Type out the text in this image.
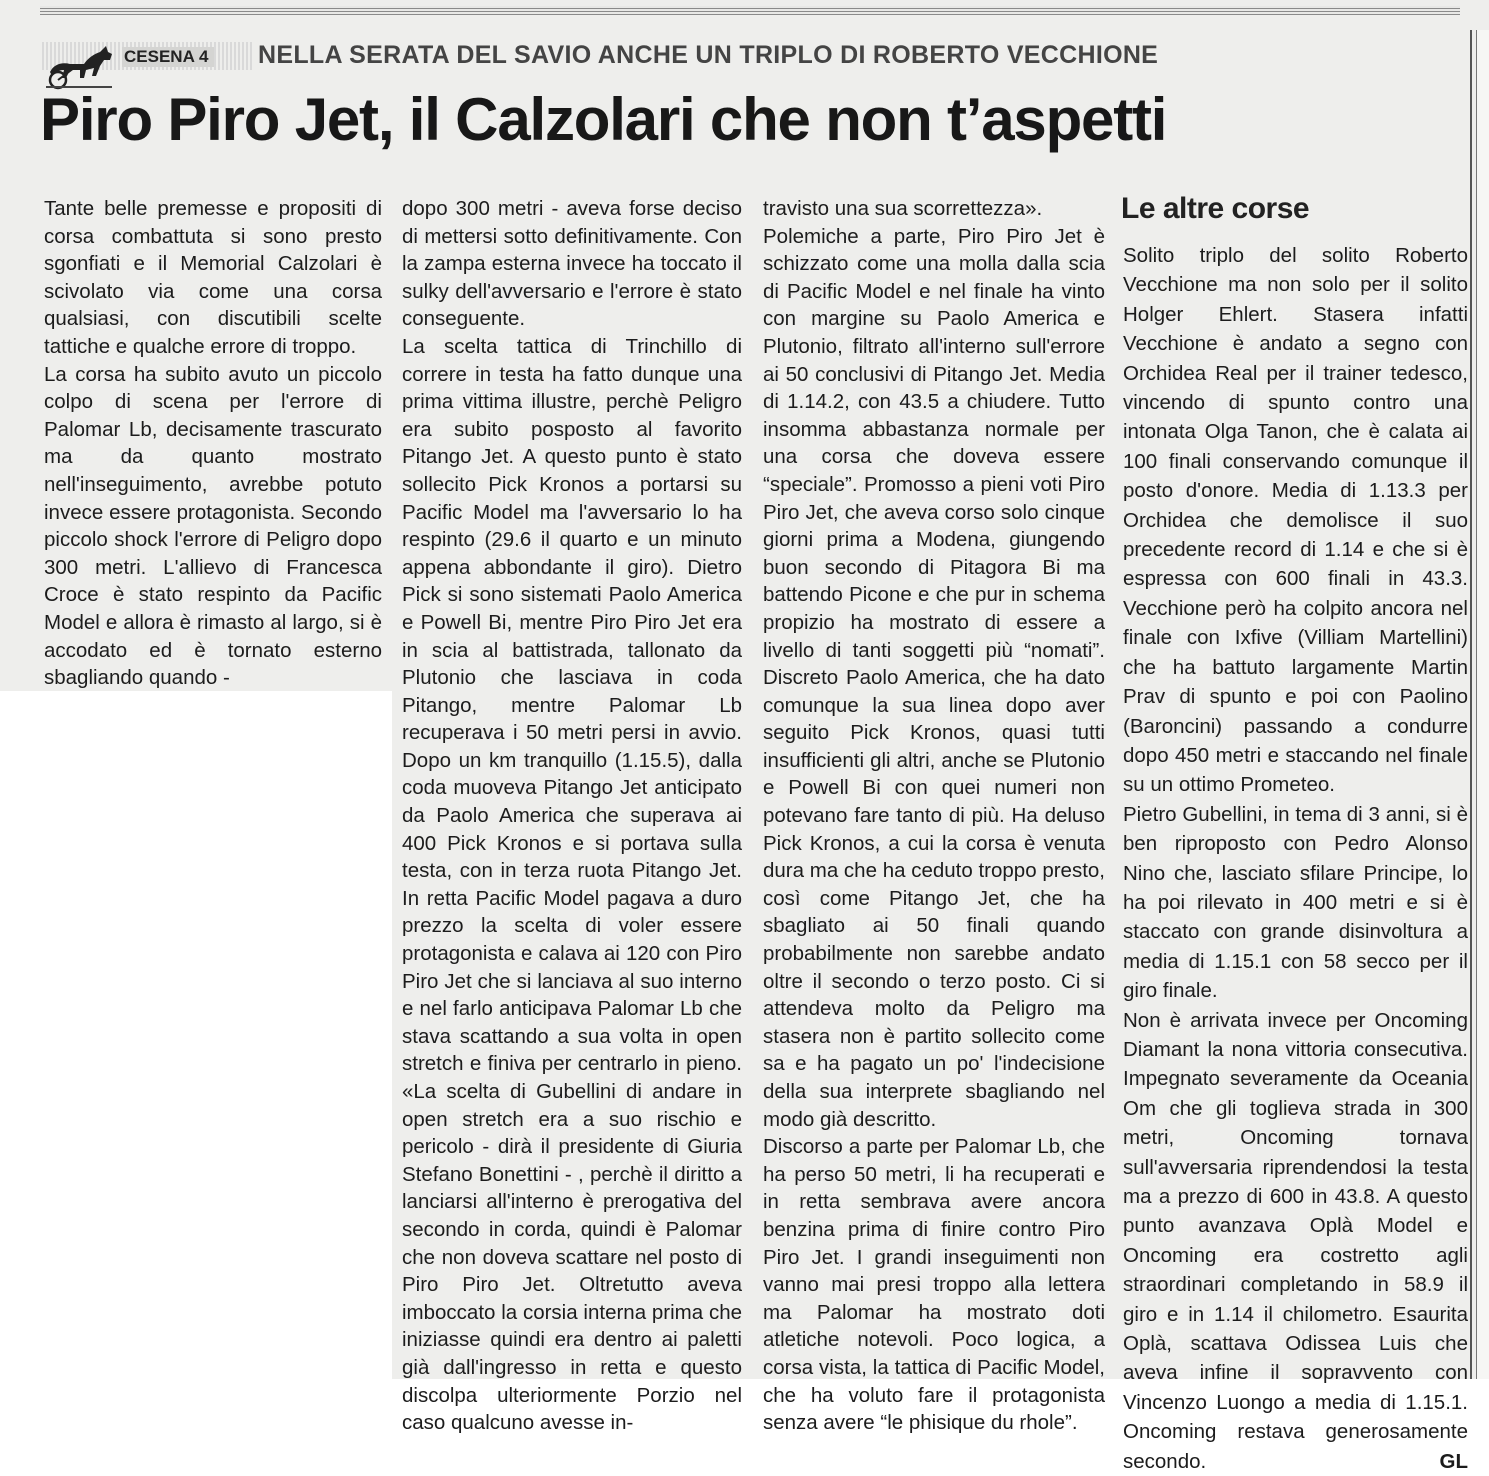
CESENA 4 NELLA SERATA DEL SAVIO ANCHE UN TRIPLO DI ROBERTO VECCHIONE
Piro Piro Jet, il Calzolari che non t’aspetti

Tante belle premesse e propositi di corsa combattuta si sono presto sgonfiati e il Memorial Calzolari è scivolato via come una corsa qualsiasi, con discutibili scelte tattiche e qualche errore di troppo.

La corsa ha subito avuto un piccolo colpo di scena per l'errore di Palomar Lb, decisamente trascurato ma da quanto mostrato nell'inseguimento, avrebbe potuto invece essere protagonista. Secondo piccolo shock l'errore di Peligro dopo 300 metri. L'allievo di Francesca Croce è stato respinto da Pacific Model e allora è rimasto al largo, si è accodato ed è tornato esterno sbagliando quando -

dopo 300 metri - aveva forse deciso di mettersi sotto definitivamente. Con la zampa esterna invece ha toccato il sulky dell'avversario e l'errore è stato conseguente.

La scelta tattica di Trinchillo di correre in testa ha fatto dunque una prima vittima illustre, perchè Peligro era subito posposto al favorito Pitango Jet. A questo punto è stato sollecito Pick Kronos a portarsi su Pacific Model ma l'avversario lo ha respinto (29.6 il quarto e un minuto appena abbondante il giro). Dietro Pick si sono sistemati Paolo America e Powell Bi, mentre Piro Piro Jet era in scia al battistrada, tallonato da Plutonio che lasciava in coda Pitango, mentre Palomar Lb recuperava i 50 metri persi in avvio. Dopo un km tranquillo (1.15.5), dalla coda muoveva Pitango Jet anticipato da Paolo America che superava ai 400 Pick Kronos e si portava sulla testa, con in terza ruota Pitango Jet. In retta Pacific Model pagava a duro prezzo la scelta di voler essere protagonista e calava ai 120 con Piro Piro Jet che si lanciava al suo interno e nel farlo anticipava Palomar Lb che stava scattando a sua volta in open stretch e finiva per centrarlo in pieno. «La scelta di Gubellini di andare in open stretch era a suo rischio e pericolo - dirà il presidente di Giuria Stefano Bonettini - , perchè il diritto a lanciarsi all'interno è prerogativa del secondo in corda, quindi è Palomar che non doveva scattare nel posto di Piro Piro Jet. Oltretutto aveva imboccato la corsia interna prima che iniziasse quindi era dentro ai paletti già dall'ingresso in retta e questo discolpa ulteriormente Porzio nel caso qualcuno avesse in-

travisto una sua scorrettezza».

Polemiche a parte, Piro Piro Jet è schizzato come una molla dalla scia di Pacific Model e nel finale ha vinto con margine su Paolo America e Plutonio, filtrato all'interno sull'errore ai 50 conclusivi di Pitango Jet. Media di 1.14.2, con 43.5 a chiudere. Tutto insomma abbastanza normale per una corsa che doveva essere “speciale”. Promosso a pieni voti Piro Piro Jet, che aveva corso solo cinque giorni prima a Modena, giungendo buon secondo di Pitagora Bi ma battendo Picone e che pur in schema propizio ha mostrato di essere a livello di tanti soggetti più “nomati”. Discreto Paolo America, che ha dato comunque la sua linea dopo aver seguito Pick Kronos, quasi tutti insufficienti gli altri, anche se Plutonio e Powell Bi con quei numeri non potevano fare tanto di più. Ha deluso Pick Kronos, a cui la corsa è venuta dura ma che ha ceduto troppo presto, così come Pitango Jet, che ha sbagliato ai 50 finali quando probabilmente non sarebbe andato oltre il secondo o terzo posto. Ci si attendeva molto da Peligro ma stasera non è partito sollecito come sa e ha pagato un po' l'indecisione della sua interprete sbagliando nel modo già descritto.

Discorso a parte per Palomar Lb, che ha perso 50 metri, li ha recuperati e in retta sembrava avere ancora benzina prima di finire contro Piro Piro Jet. I grandi inseguimenti non vanno mai presi troppo alla lettera ma Palomar ha mostrato doti atletiche notevoli. Poco logica, a corsa vista, la tattica di Pacific Model, che ha voluto fare il protagonista senza avere “le phisique du rhole”.

Le altre corse

Solito triplo del solito Roberto Vecchione ma non solo per il solito Holger Ehlert. Stasera infatti Vecchione è andato a segno con Orchidea Real per il trainer tedesco, vincendo di spunto contro una intonata Olga Tanon, che è calata ai 100 finali conservando comunque il posto d'onore. Media di 1.13.3 per Orchidea che demolisce il suo precedente record di 1.14 e che si è espressa con 600 finali in 43.3. Vecchione però ha colpito ancora nel finale con Ixfive (Villiam Martellini) che ha battuto largamente Martin Prav di spunto e poi con Paolino (Baroncini) passando a condurre dopo 450 metri e staccando nel finale su un ottimo Prometeo.

Pietro Gubellini, in tema di 3 anni, si è ben riproposto con Pedro Alonso Nino che, lasciato sfilare Principe, lo ha poi rilevato in 400 metri e si è staccato con grande disinvoltura a media di 1.15.1 con 58 secco per il giro finale.

Non è arrivata invece per Oncoming Diamant la nona vittoria consecutiva. Impegnato severamente da Oceania Om che gli toglieva strada in 300 metri, Oncoming tornava sull'avversaria riprendendosi la testa ma a prezzo di 600 in 43.8. A questo punto avanzava Oplà Model e Oncoming era costretto agli straordinari completando in 58.9 il giro e in 1.14 il chilometro. Esaurita Oplà, scattava Odissea Luis che aveva infine il sopravvento con Vincenzo Luongo a media di 1.15.1. Oncoming restava generosamente secondo.	GL
